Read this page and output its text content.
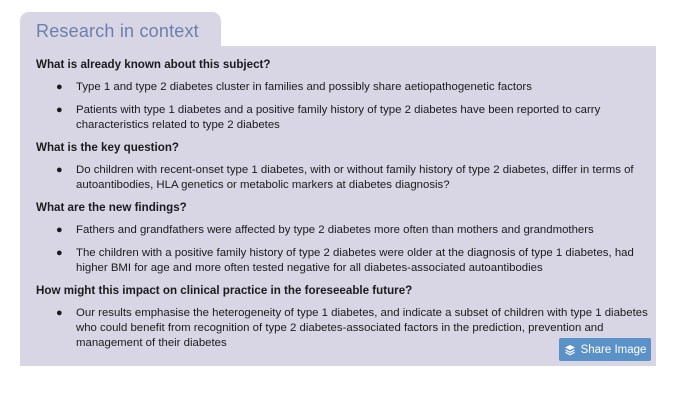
Research in context
What is already known about this subject?
● Type 1 and type 2 diabetes cluster in families and possibly share aetiopathogenetic factors
● Patients with type 1 diabetes and a positive family history of type 2 diabetes have been reported to carry characteristics related to type 2 diabetes
What is the key question?
● Do children with recent-onset type 1 diabetes, with or without family history of type 2 diabetes, differ in terms of autoantibodies, HLA genetics or metabolic markers at diabetes diagnosis?
What are the new findings?
● Fathers and grandfathers were affected by type 2 diabetes more often than mothers and grandmothers
● The children with a positive family history of type 2 diabetes were older at the diagnosis of type 1 diabetes, had higher BMI for age and more often tested negative for all diabetes-associated autoantibodies
How might this impact on clinical practice in the foreseeable future?
● Our results emphasise the heterogeneity of type 1 diabetes, and indicate a subset of children with type 1 diabetes who could benefit from recognition of type 2 diabetes-associated factors in the prediction, prevention and management of their diabetes
Share Image
